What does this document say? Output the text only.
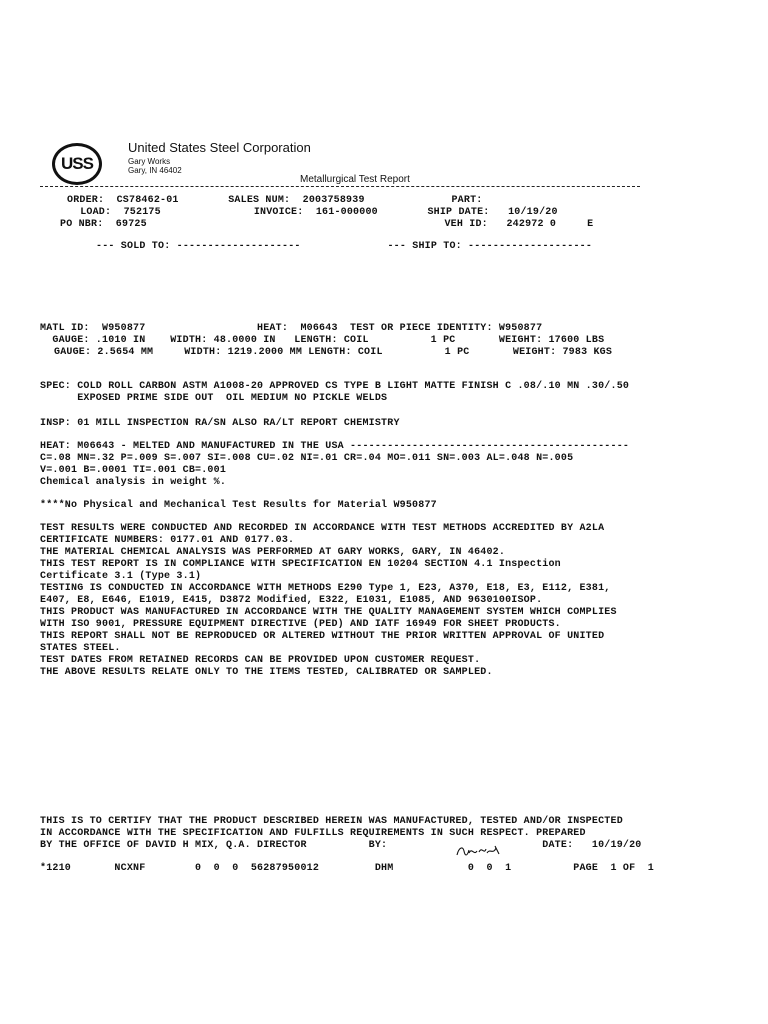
USS
United States Steel Corporation
Gary Works
Gary, IN 46402
Metallurgical Test Report
ORDER:  CS78462-01        SALES NUM:  2003758939              PART:
LOAD:  752175               INVOICE:  161-000000        SHIP DATE:   10/19/20
PO NBR:  69725                                                VEH ID:   242972 0     E
--- SOLD TO: --------------------              --- SHIP TO: --------------------
MATL ID:  W950877                  HEAT:  M06643  TEST OR PIECE IDENTITY: W950877
GAUGE: .1010 IN    WIDTH: 48.0000 IN   LENGTH: COIL          1 PC       WEIGHT: 17600 LBS
GAUGE: 2.5654 MM     WIDTH: 1219.2000 MM LENGTH: COIL          1 PC       WEIGHT: 7983 KGS
SPEC: COLD ROLL CARBON ASTM A1008-20 APPROVED CS TYPE B LIGHT MATTE FINISH C .08/.10 MN .30/.50
EXPOSED PRIME SIDE OUT  OIL MEDIUM NO PICKLE WELDS
INSP: 01 MILL INSPECTION RA/SN ALSO RA/LT REPORT CHEMISTRY
HEAT: M06643 - MELTED AND MANUFACTURED IN THE USA ---------------------------------------------
C=.08 MN=.32 P=.009 S=.007 SI=.008 CU=.02 NI=.01 CR=.04 MO=.011 SN=.003 AL=.048 N=.005
V=.001 B=.0001 TI=.001 CB=.001
Chemical analysis in weight %.
****No Physical and Mechanical Test Results for Material W950877
TEST RESULTS WERE CONDUCTED AND RECORDED IN ACCORDANCE WITH TEST METHODS ACCREDITED BY A2LA
CERTIFICATE NUMBERS: 0177.01 AND 0177.03.
THE MATERIAL CHEMICAL ANALYSIS WAS PERFORMED AT GARY WORKS, GARY, IN 46402.
THIS TEST REPORT IS IN COMPLIANCE WITH SPECIFICATION EN 10204 SECTION 4.1 Inspection
Certificate 3.1 (Type 3.1)
TESTING IS CONDUCTED IN ACCORDANCE WITH METHODS E290 Type 1, E23, A370, E18, E3, E112, E381,
E407, E8, E646, E1019, E415, D3872 Modified, E322, E1031, E1085, AND 9630100ISOP.
THIS PRODUCT WAS MANUFACTURED IN ACCORDANCE WITH THE QUALITY MANAGEMENT SYSTEM WHICH COMPLIES
WITH ISO 9001, PRESSURE EQUIPMENT DIRECTIVE (PED) AND IATF 16949 FOR SHEET PRODUCTS.
THIS REPORT SHALL NOT BE REPRODUCED OR ALTERED WITHOUT THE PRIOR WRITTEN APPROVAL OF UNITED
STATES STEEL.
TEST DATES FROM RETAINED RECORDS CAN BE PROVIDED UPON CUSTOMER REQUEST.
THE ABOVE RESULTS RELATE ONLY TO THE ITEMS TESTED, CALIBRATED OR SAMPLED.
THIS IS TO CERTIFY THAT THE PRODUCT DESCRIBED HEREIN WAS MANUFACTURED, TESTED AND/OR INSPECTED
IN ACCORDANCE WITH THE SPECIFICATION AND FULFILLS REQUIREMENTS IN SUCH RESPECT. PREPARED
BY THE OFFICE OF DAVID H MIX, Q.A. DIRECTOR          BY:                         DATE:   10/19/20
*1210       NCXNF        0  0  0  56287950012         DHM            0  0  1          PAGE  1 OF  1
